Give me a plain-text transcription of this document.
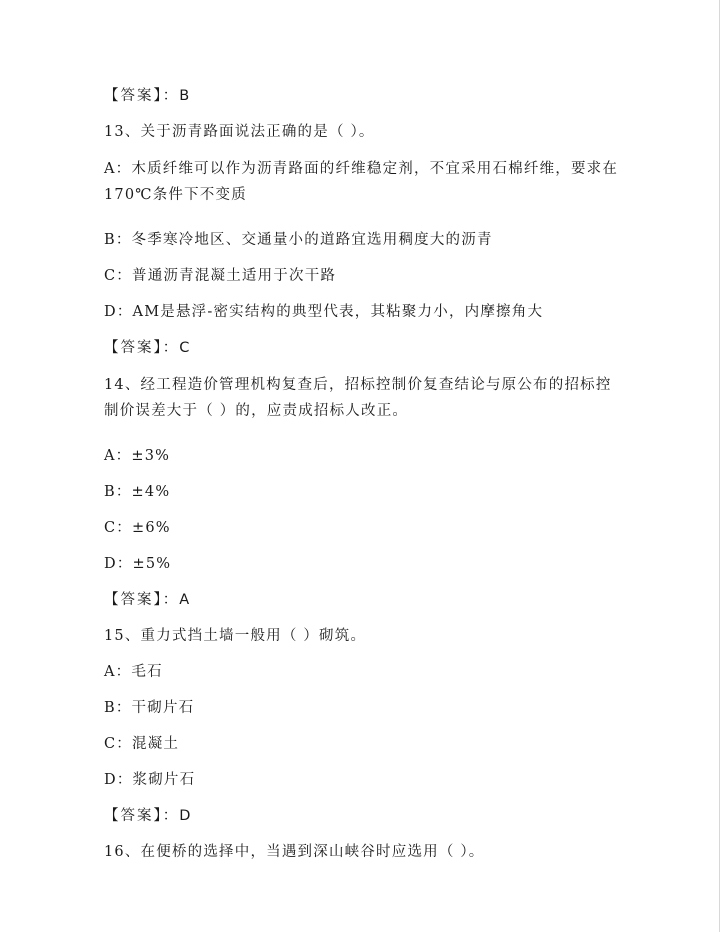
【答案】：B
13、关于沥青路面说法正确的是（ ）。
A：木质纤维可以作为沥青路面的纤维稳定剂，不宜采用石棉纤维，要求在 170℃条件下不变质
B：冬季寒冷地区、交通量小的道路宜选用稠度大的沥青
C：普通沥青混凝土适用于次干路
D：AM是悬浮-密实结构的典型代表，其粘聚力小，内摩擦角大
【答案】：C
14、经工程造价管理机构复查后，招标控制价复查结论与原公布的招标控制价误差大于（ ）的，应责成招标人改正。
A：±3%
B：±4%
C：±6%
D：±5%
【答案】：A
15、重力式挡土墙一般用（ ）砌筑。
A：毛石
B：干砌片石
C：混凝土
D：浆砌片石
【答案】：D
16、在便桥的选择中，当遇到深山峡谷时应选用（ ）。
